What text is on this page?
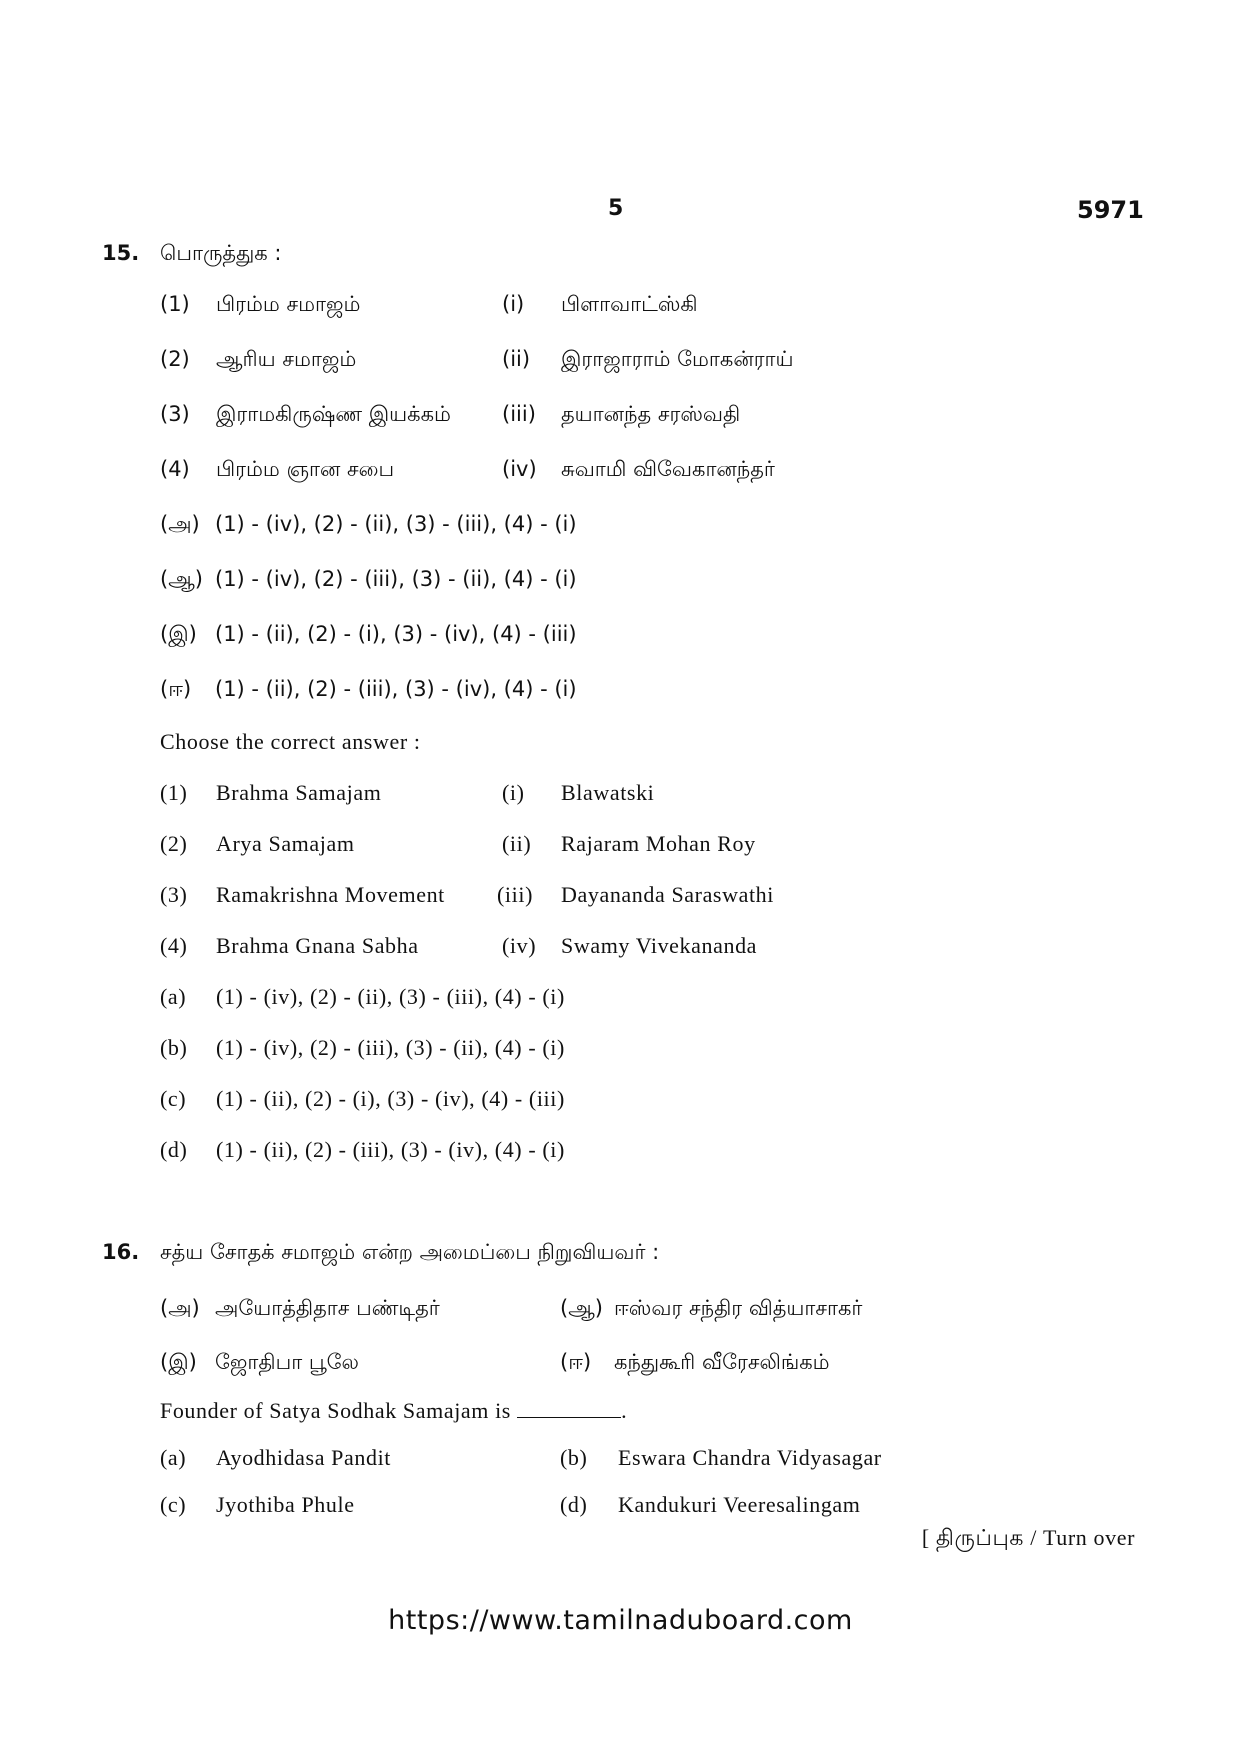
5	5971
15. பொருத்துக :
(1) பிரம்ம சமாஜம்	(i) பிளாவாட்ஸ்கி
(2) ஆரிய சமாஜம்	(ii) இராஜாராம் மோகன்ராய்
(3) இராமகிருஷ்ண இயக்கம் (iii) தயானந்த சரஸ்வதி
(4) பிரம்ம ஞான சபை	(iv) சுவாமி விவேகானந்தர்
(அ) (1) - (iv), (2) - (ii), (3) - (iii), (4) - (i)
(ஆ) (1) - (iv), (2) - (iii), (3) - (ii), (4) - (i)
(இ) (1) - (ii), (2) - (i), (3) - (iv), (4) - (iii)
(ஈ) (1) - (ii), (2) - (iii), (3) - (iv), (4) - (i)
Choose the correct answer :
(1) Brahma Samajam	(i) Blawatski
(2) Arya Samajam	(ii) Rajaram Mohan Roy
(3) Ramakrishna Movement (iii) Dayananda Saraswathi
(4) Brahma Gnana Sabha	(iv) Swamy Vivekananda
(a) (1) - (iv), (2) - (ii), (3) - (iii), (4) - (i)
(b) (1) - (iv), (2) - (iii), (3) - (ii), (4) - (i)
(c) (1) - (ii), (2) - (i), (3) - (iv), (4) - (iii)
(d) (1) - (ii), (2) - (iii), (3) - (iv), (4) - (i)
16. சத்ய சோதக் சமாஜம் என்ற அமைப்பை நிறுவியவர் :
(அ) அயோத்திதாச பண்டிதர்	(ஆ) ஈஸ்வர சந்திர வித்யாசாகர்
(இ) ஜோதிபா பூலே	(ஈ) கந்துகூரி வீரேசலிங்கம்
Founder of Satya Sodhak Samajam is	.
(a) Ayodhidasa Pandit	(b) Eswara Chandra Vidyasagar
(c) Jyothiba Phule	(d) Kandukuri Veeresalingam
[ திருப்புக / Turn over
https://www.tamilnaduboard.com
